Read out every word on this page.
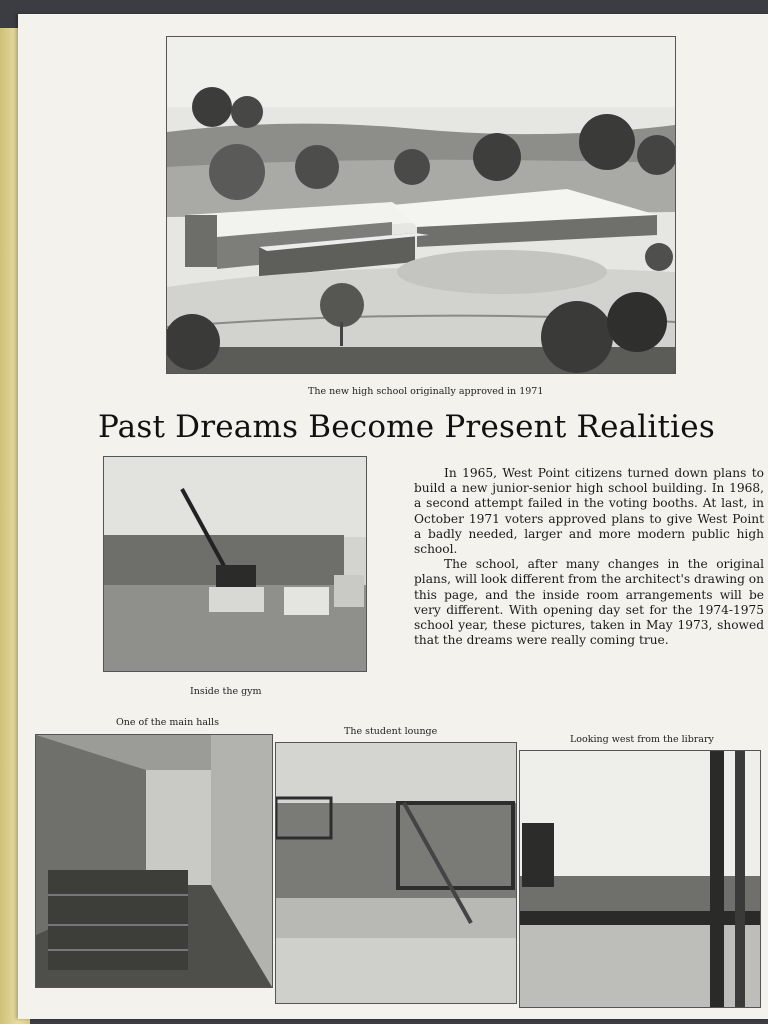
The new high school originally approved in 1971
Past Dreams Become Present Realities
Inside the gym

In 1965, West Point citizens turned down plans to build a new junior-senior high school building. In 1968, a second attempt failed in the voting booths. At last, in October 1971 voters approved plans to give West Point a badly needed, larger and more modern public high school.

The school, after many changes in the original plans, will look different from the architect's drawing on this page, and the inside room arrangements will be very different. With opening day set for the 1974-1975 school year, these pictures, taken in May 1973, showed that the dreams were really coming true.

One of the main halls
The student lounge
Looking west from the library
